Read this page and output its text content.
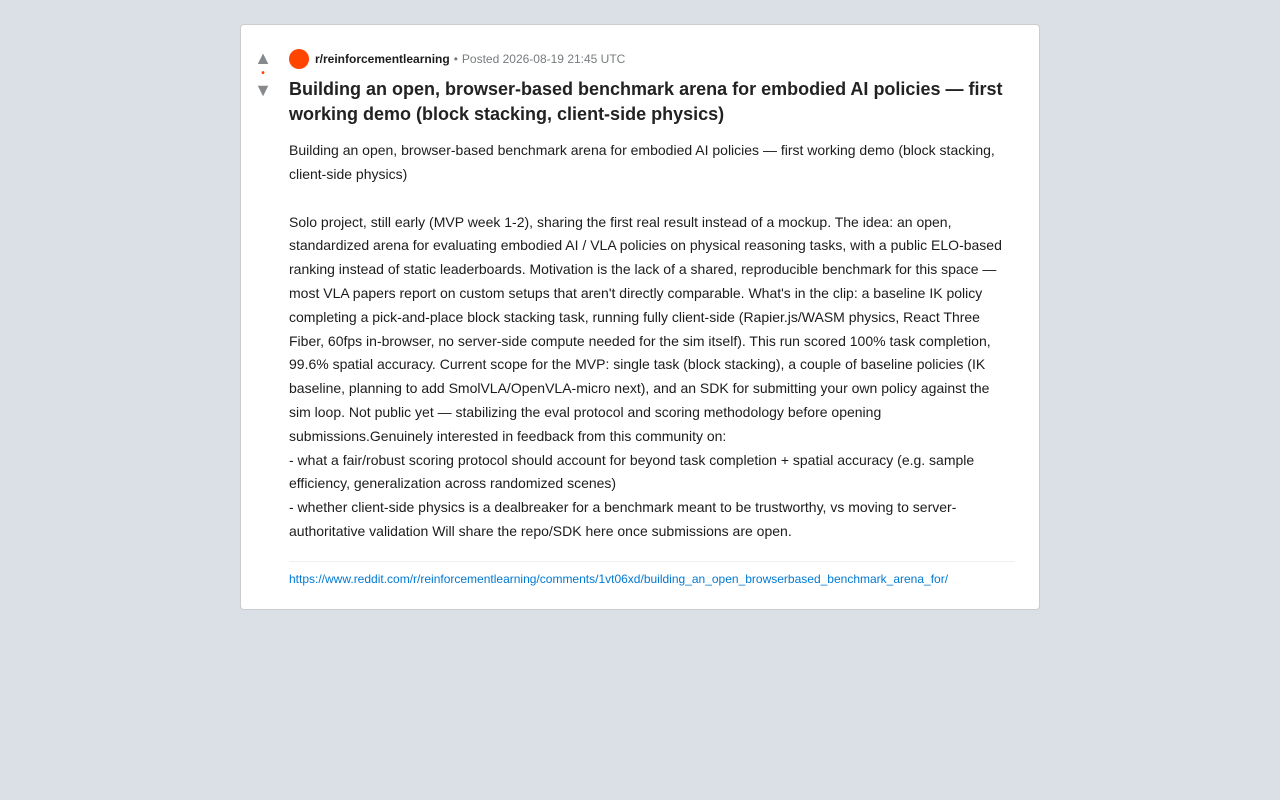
▲
•
▼
r/reinforcementlearning • Posted 2026-08-19 21:45 UTC
Building an open, browser-based benchmark arena for embodied AI policies — first working demo (block stacking, client-side physics)

Building an open, browser-based benchmark arena for embodied AI policies — first working demo (block stacking, client-side physics)

Solo project, still early (MVP week 1-2), sharing the first real result instead of a mockup. The idea: an open, standardized arena for evaluating embodied AI / VLA policies on physical reasoning tasks, with a public ELO-based ranking instead of static leaderboards. Motivation is the lack of a shared, reproducible benchmark for this space — most VLA papers report on custom setups that aren't directly comparable. What's in the clip: a baseline IK policy completing a pick-and-place block stacking task, running fully client-side (Rapier.js/WASM physics, React Three Fiber, 60fps in-browser, no server-side compute needed for the sim itself). This run scored 100% task completion, 99.6% spatial accuracy. Current scope for the MVP: single task (block stacking), a couple of baseline policies (IK baseline, planning to add SmolVLA/OpenVLA-micro next), and an SDK for submitting your own policy against the sim loop. Not public yet — stabilizing the eval protocol and scoring methodology before opening submissions.Genuinely interested in feedback from this community on:

- what a fair/robust scoring protocol should account for beyond task completion + spatial accuracy (e.g. sample efficiency, generalization across randomized scenes)

- whether client-side physics is a dealbreaker for a benchmark meant to be trustworthy, vs moving to server-authoritative validation Will share the repo/SDK here once submissions are open.

https://www.reddit.com/r/reinforcementlearning/comments/1vt06xd/building_an_open_browserbased_benchmark_arena_for/
